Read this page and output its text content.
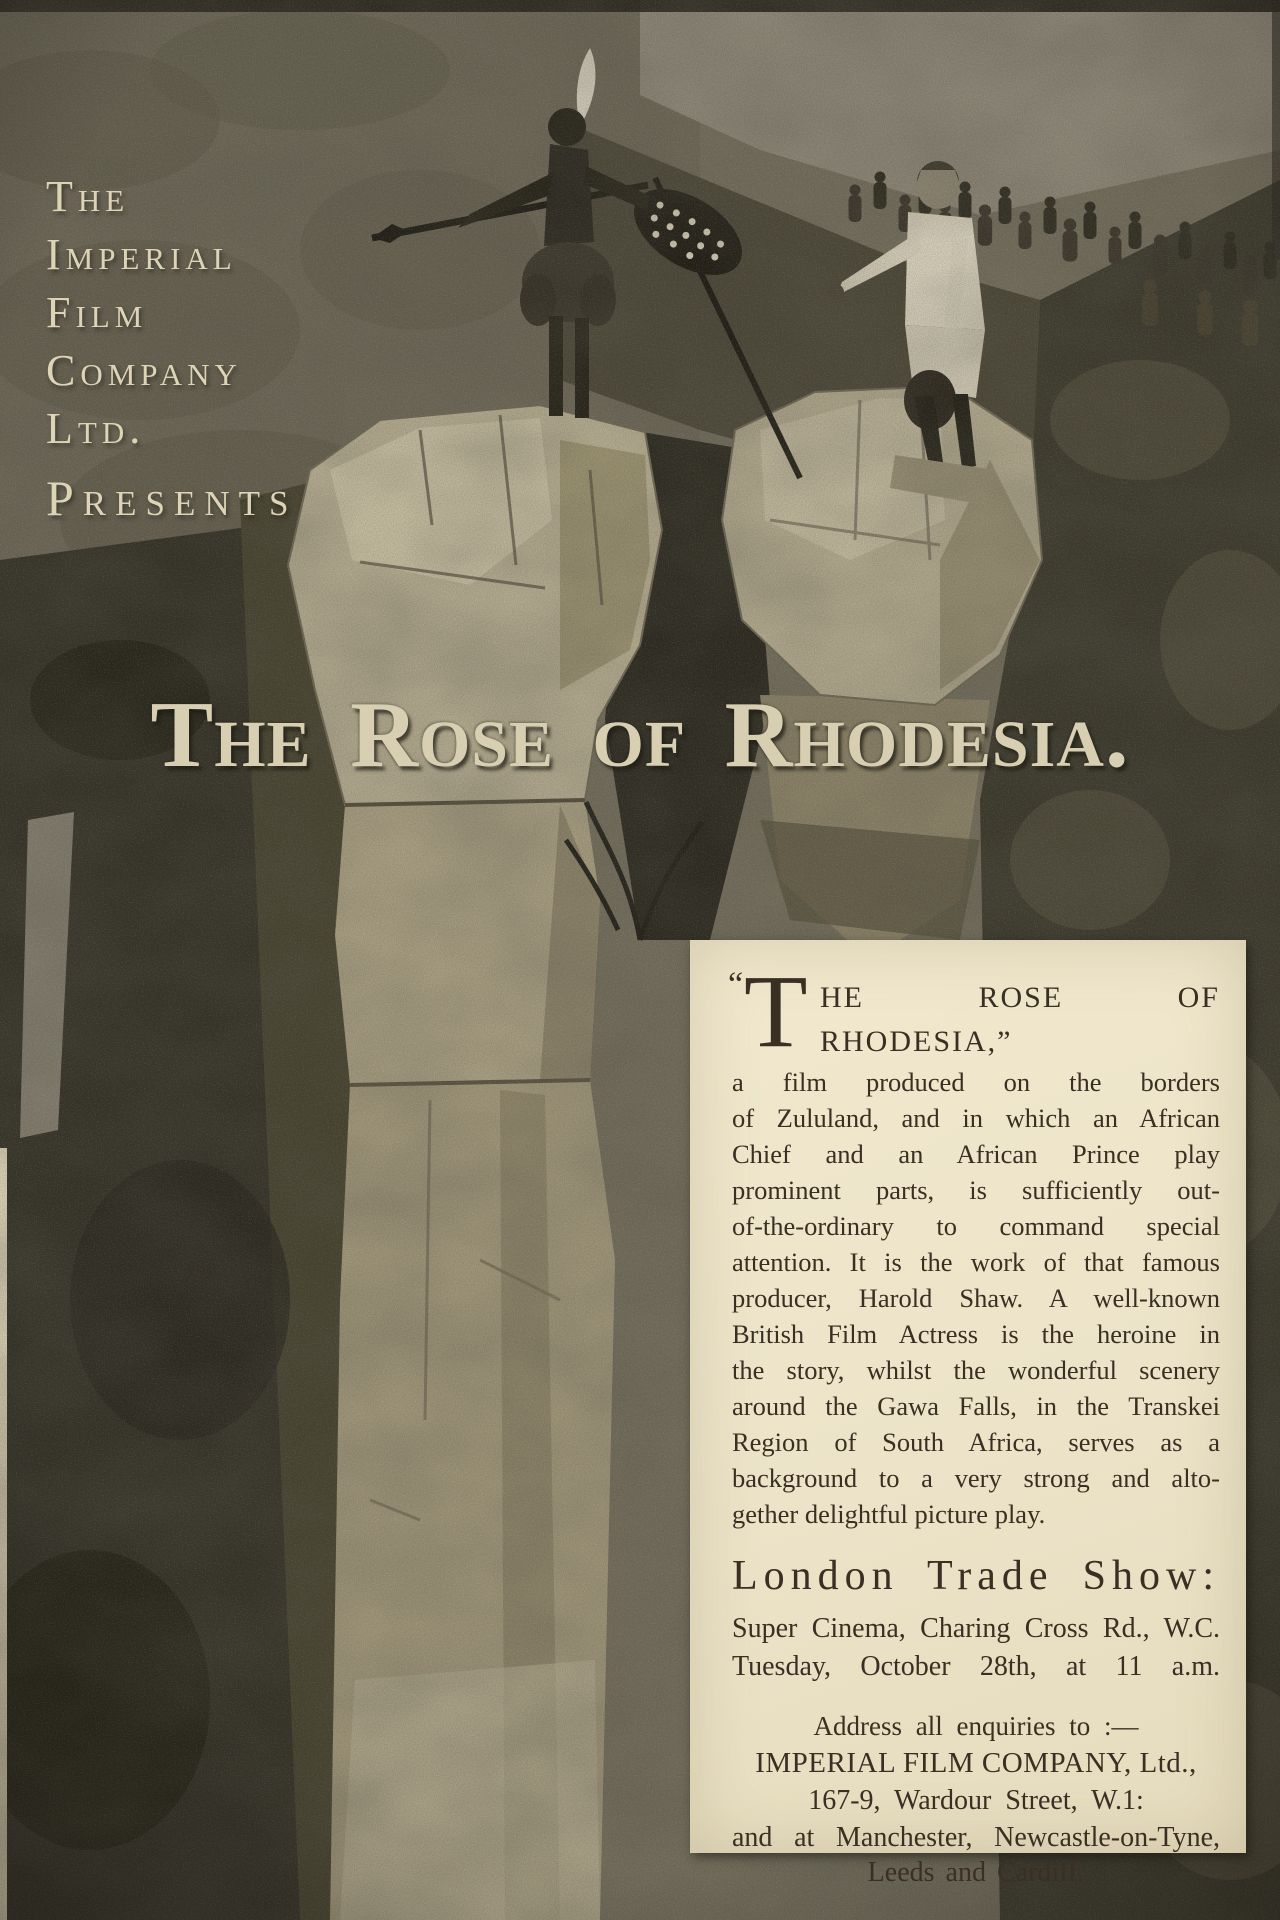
The
Imperial
Film
Company
Ltd.
Presents
The Rose of Rhodesia.
“ T HE ROSE OF RHODESIA,”
a film produced on the borders
of Zululand, and in which an African
Chief and an African Prince play
prominent parts, is sufficiently out-
of-the-ordinary to command special
attention. It is the work of that famous
producer, Harold Shaw. A well-known
British Film Actress is the heroine in
the story, whilst the wonderful scenery
around the Gawa Falls, in the Transkei
Region of South Africa, serves as a
background to a very strong and alto-
gether delightful picture play.
London Trade Show:
Super Cinema, Charing Cross Rd., W.C.
Tuesday, October 28th, at 11 a.m.
Address all enquiries to :—
IMPERIAL FILM COMPANY, Ltd.,
167-9, Wardour Street, W.1:
and at Manchester, Newcastle-on-Tyne,
Leeds and Cardiff.
